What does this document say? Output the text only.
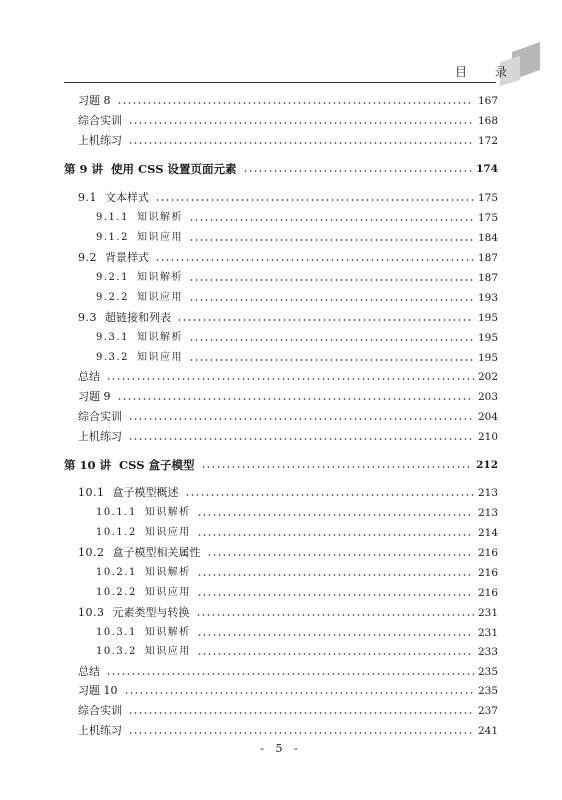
目 录
习题 8	167
综合实训	168
上机练习	172
第 9 讲 使用 CSS 设置页面元素	174
9.1 文本样式	175
9.1.1 知识解析	175
9.1.2 知识应用	184
9.2 背景样式	187
9.2.1 知识解析	187
9.2.2 知识应用	193
9.3 超链接和列表	195
9.3.1 知识解析	195
9.3.2 知识应用	195
总结	202
习题 9	203
综合实训	204
上机练习	210
第 10 讲 CSS 盒子模型	212
10.1 盒子模型概述	213
10.1.1 知识解析	213
10.1.2 知识应用	214
10.2 盒子模型相关属性	216
10.2.1 知识解析	216
10.2.2 知识应用	216
10.3 元素类型与转换	231
10.3.1 知识解析	231
10.3.2 知识应用	233
总结	235
习题 10	235
综合实训	237
上机练习	241
- 5 -
